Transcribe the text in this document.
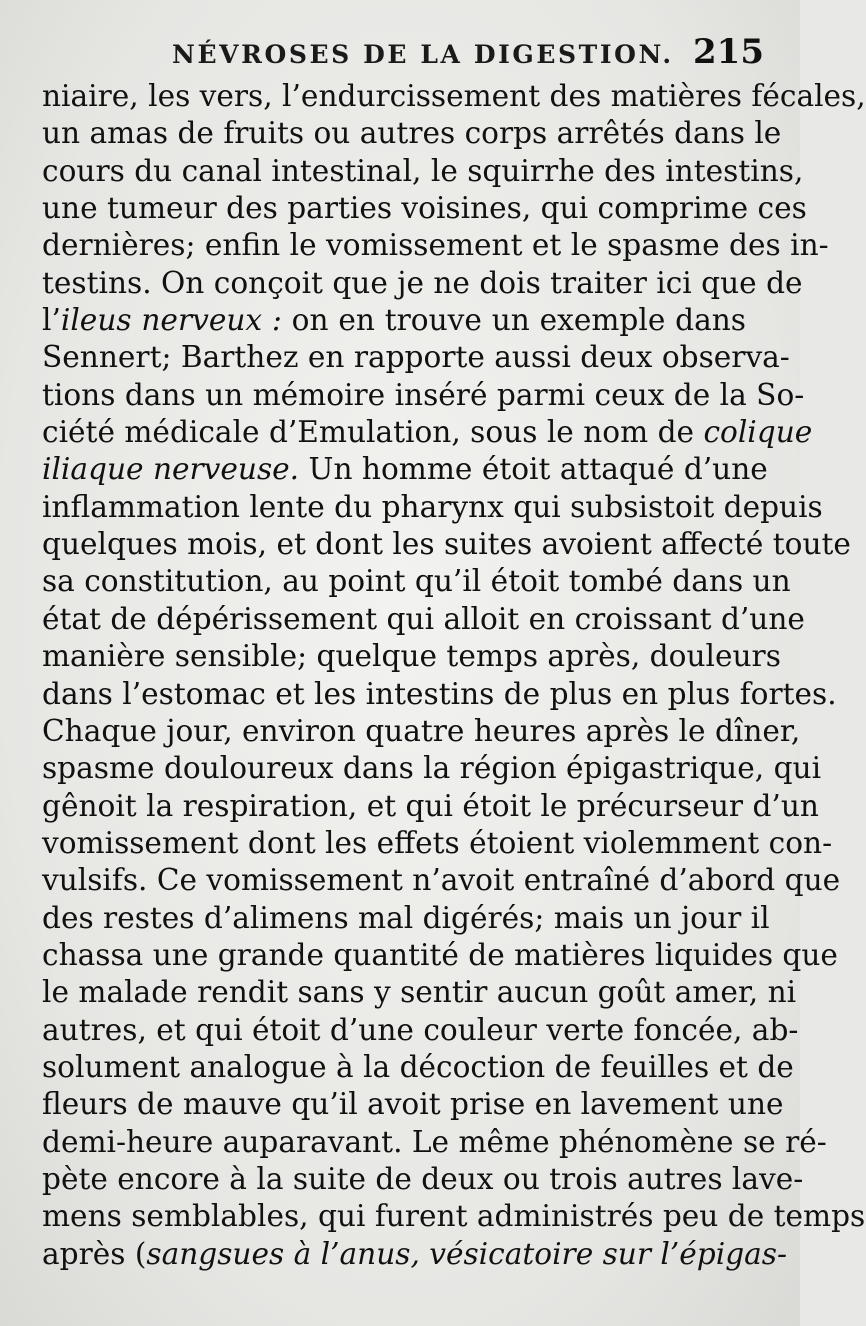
NÉVROSES DE LA DIGESTION. 215
niaire, les vers, l’endurcissement des matières fécales,
un amas de fruits ou autres corps arrêtés dans le
cours du canal intestinal, le squirrhe des intestins,
une tumeur des parties voisines, qui comprime ces
dernières; enfin le vomissement et le spasme des in-
testins. On conçoit que je ne dois traiter ici que de
l’ileus nerveux : on en trouve un exemple dans
Sennert; Barthez en rapporte aussi deux observa-
tions dans un mémoire inséré parmi ceux de la So-
ciété médicale d’Emulation, sous le nom de colique
iliaque nerveuse. Un homme étoit attaqué d’une
inflammation lente du pharynx qui subsistoit depuis
quelques mois, et dont les suites avoient affecté toute
sa constitution, au point qu’il étoit tombé dans un
état de dépérissement qui alloit en croissant d’une
manière sensible; quelque temps après, douleurs
dans l’estomac et les intestins de plus en plus fortes.
Chaque jour, environ quatre heures après le dîner,
spasme douloureux dans la région épigastrique, qui
gênoit la respiration, et qui étoit le précurseur d’un
vomissement dont les effets étoient violemment con-
vulsifs. Ce vomissement n’avoit entraîné d’abord que
des restes d’alimens mal digérés; mais un jour il
chassa une grande quantité de matières liquides que
le malade rendit sans y sentir aucun goût amer, ni
autres, et qui étoit d’une couleur verte foncée, ab-
solument analogue à la décoction de feuilles et de
fleurs de mauve qu’il avoit prise en lavement une
demi-heure auparavant. Le même phénomène se ré-
pète encore à la suite de deux ou trois autres lave-
mens semblables, qui furent administrés peu de temps
après (sangsues à l’anus, vésicatoire sur l’épigas-
